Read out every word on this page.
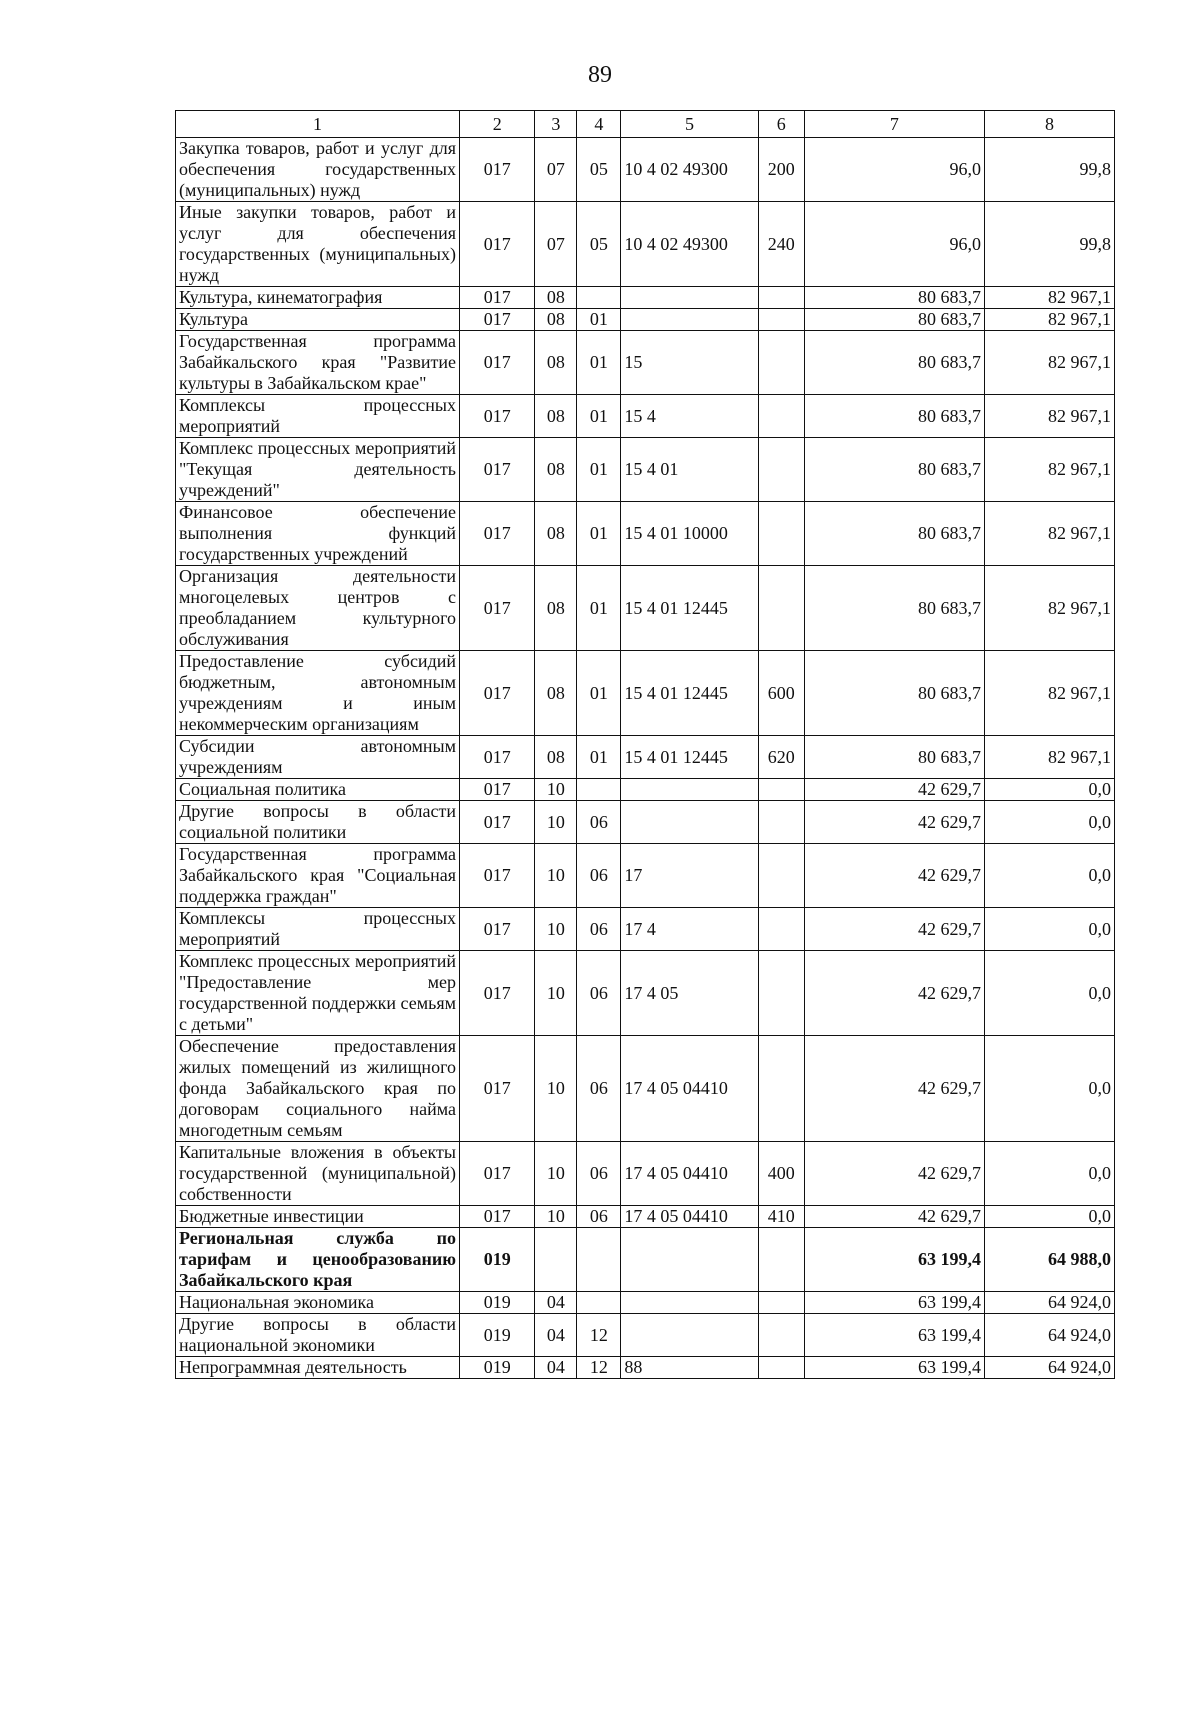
89
1	2	3	4	5	6	7	8
Закупка товаров, работ и услуг для обеспечения государственных (муниципальных) нужд	017	07	05	10 4 02 49300	200	96,0	99,8
Иные закупки товаров, работ и услуг для обеспечения государственных (муниципальных) нужд	017	07	05	10 4 02 49300	240	96,0	99,8
Культура, кинематография	017	08				80 683,7	82 967,1
Культура	017	08	01			80 683,7	82 967,1
Государственная программа Забайкальского края "Развитие культуры в Забайкальском крае"	017	08	01	15		80 683,7	82 967,1
Комплексы процессных мероприятий	017	08	01	15 4		80 683,7	82 967,1
Комплекс процессных мероприятий "Текущая деятельность учреждений"	017	08	01	15 4 01		80 683,7	82 967,1
Финансовое обеспечение выполнения функций государственных учреждений	017	08	01	15 4 01 10000		80 683,7	82 967,1
Организация деятельности многоцелевых центров с преобладанием культурного обслуживания	017	08	01	15 4 01 12445		80 683,7	82 967,1
Предоставление субсидий бюджетным, автономным учреждениям и иным некоммерческим организациям	017	08	01	15 4 01 12445	600	80 683,7	82 967,1
Субсидии автономным учреждениям	017	08	01	15 4 01 12445	620	80 683,7	82 967,1
Социальная политика	017	10				42 629,7	0,0
Другие вопросы в области социальной политики	017	10	06			42 629,7	0,0
Государственная программа Забайкальского края "Социальная поддержка граждан"	017	10	06	17		42 629,7	0,0
Комплексы процессных мероприятий	017	10	06	17 4		42 629,7	0,0
Комплекс процессных мероприятий "Предоставление мер государственной поддержки семьям с детьми"	017	10	06	17 4 05		42 629,7	0,0
Обеспечение предоставления жилых помещений из жилищного фонда Забайкальского края по договорам социального найма многодетным семьям	017	10	06	17 4 05 04410		42 629,7	0,0
Капитальные вложения в объекты государственной (муниципальной) собственности	017	10	06	17 4 05 04410	400	42 629,7	0,0
Бюджетные инвестиции	017	10	06	17 4 05 04410	410	42 629,7	0,0
Региональная служба по тарифам и ценообразованию Забайкальского края	019					63 199,4	64 988,0
Национальная экономика	019	04				63 199,4	64 924,0
Другие вопросы в области национальной экономики	019	04	12			63 199,4	64 924,0
Непрограммная деятельность	019	04	12	88		63 199,4	64 924,0
